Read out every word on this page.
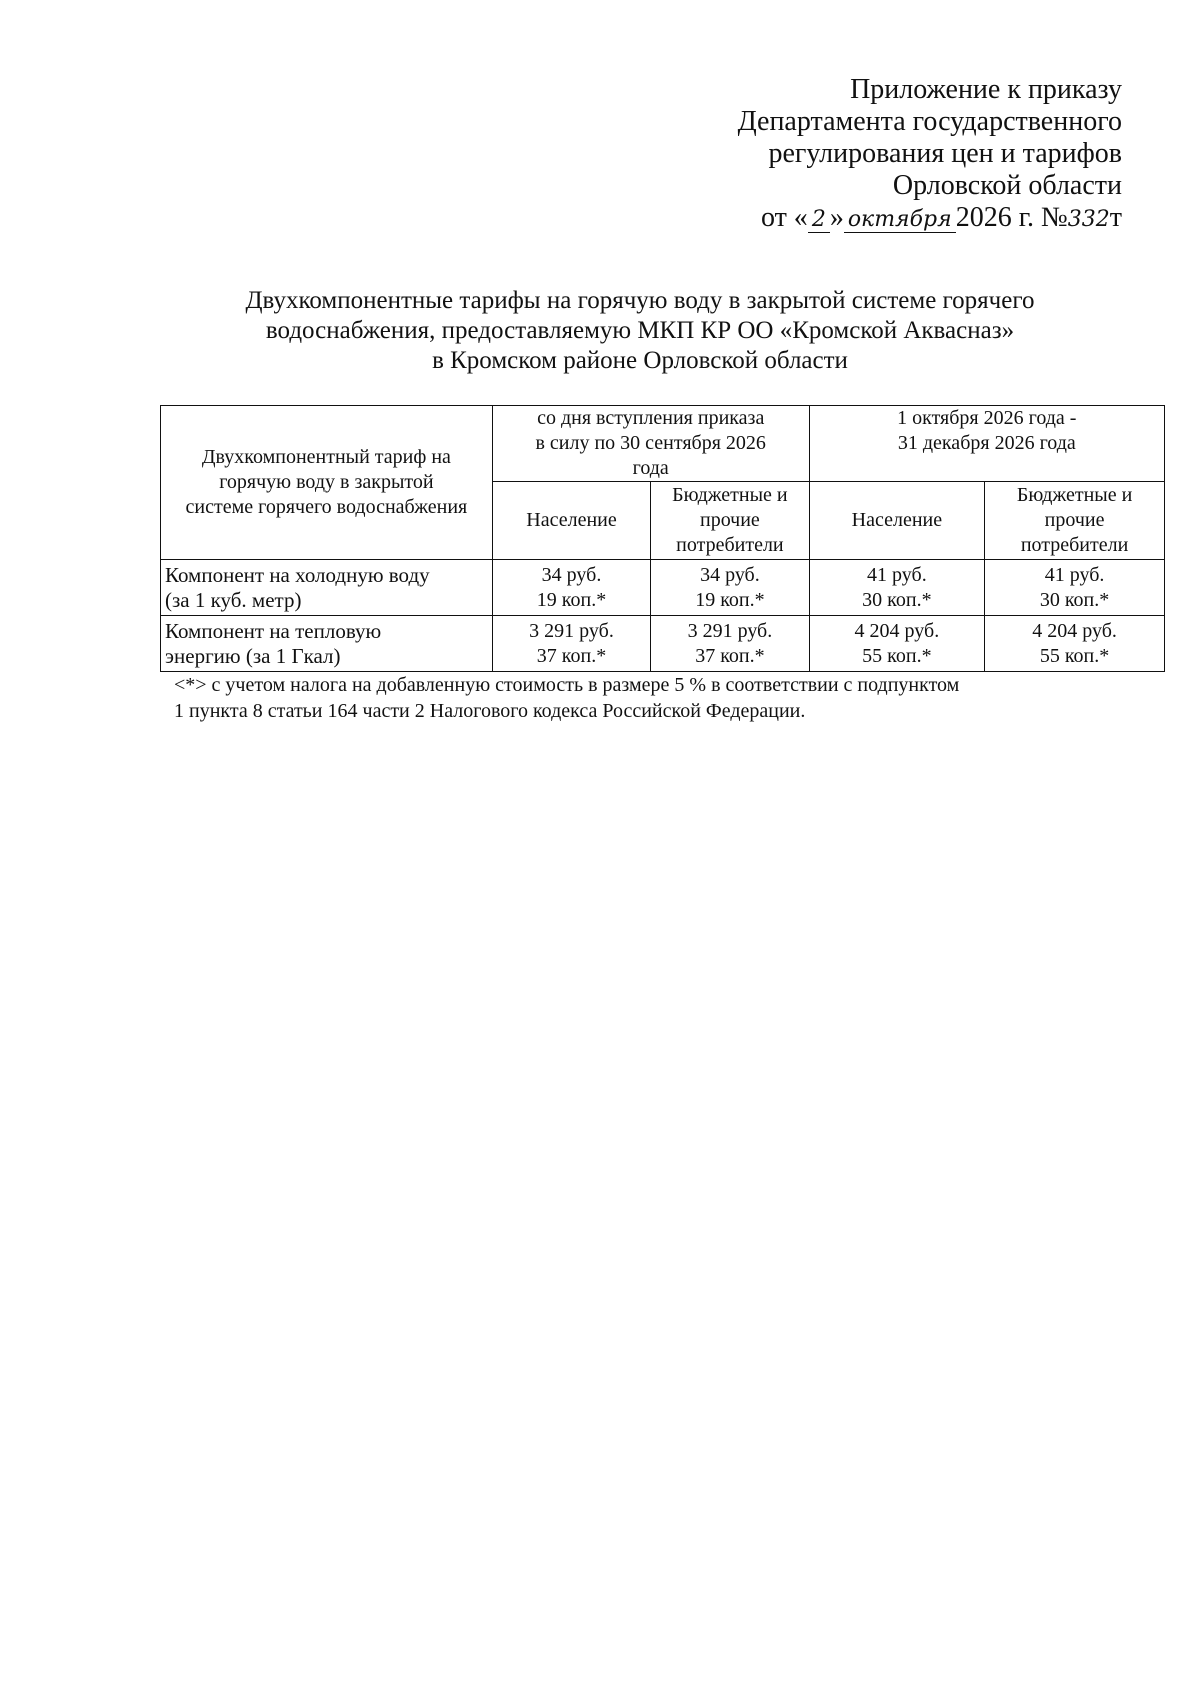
Приложение к приказу
Департамента государственного
регулирования цен и тарифов
Орловской области
от « 2 » октября 2026 г. №332т
Двухкомпонентные тарифы на горячую воду в закрытой системе горячего
водоснабжения, предоставляемую МКП КР ОО «Кромской Аквасназ»
в Кромском районе Орловской области
Двухкомпонентный тариф на
горячую воду в закрытой
системе горячего водоснабжения	со дня вступления приказа
в силу по 30 сентября 2026
года		1 октября 2026 года -
31 декабря 2026 года	

	Население	Бюджетные и
прочие
потребители	Население	Бюджетные и
прочие
потребители

Компонент на холодную воду
(за 1 куб. метр)	34 руб.
19 коп.*	34 руб.
19 коп.*	41 руб.
30 коп.*	41 руб.
30 коп.*

Компонент на тепловую
энергию (за 1 Гкал)	3 291 руб.
37 коп.*	3 291 руб.
37 коп.*	4 204 руб.
55 коп.*	4 204 руб.
55 коп.*
<*> с учетом налога на добавленную стоимость в размере 5 % в соответствии с подпунктом
1 пункта 8 статьи 164 части 2 Налогового кодекса Российской Федерации.
